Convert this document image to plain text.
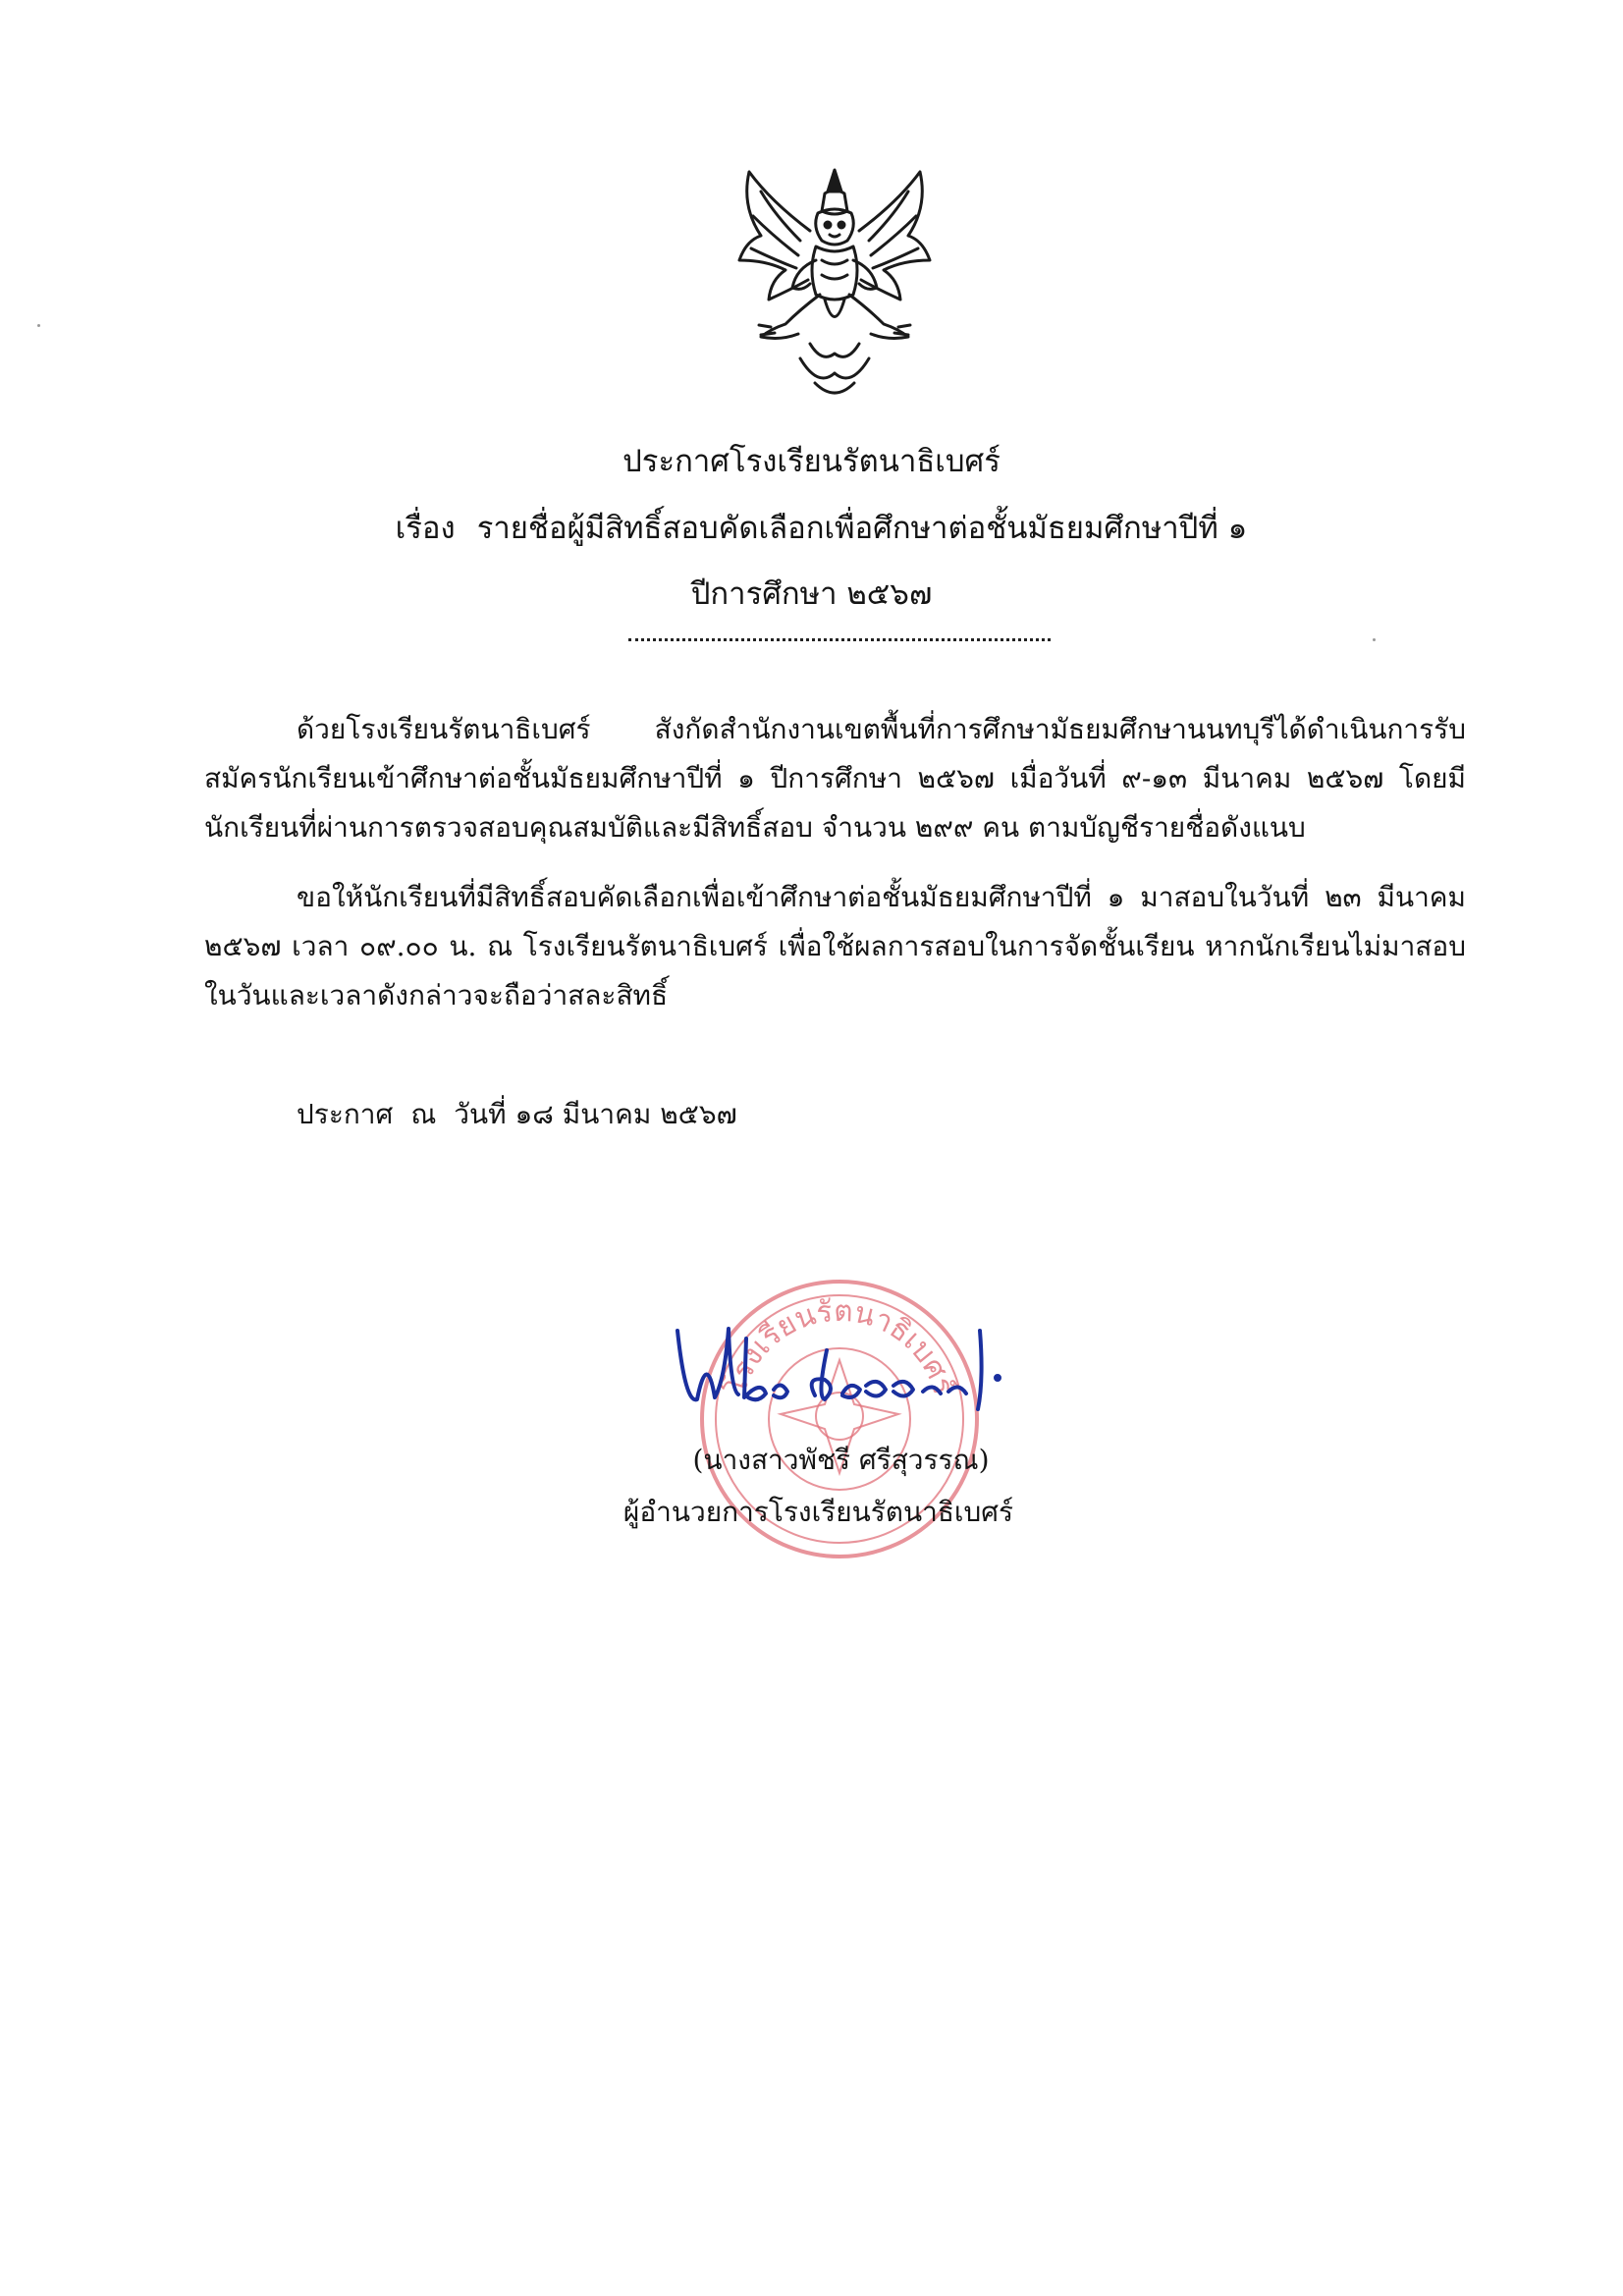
ประกาศโรงเรียนรัตนาธิเบศร์
เรื่อง รายชื่อผู้มีสิทธิ์สอบคัดเลือกเพื่อศึกษาต่อชั้นมัธยมศึกษาปีที่ ๑
ปีการศึกษา ๒๕๖๗
ด้วยโรงเรียนรัตนาธิเบศร์ สังกัดสำนักงานเขตพื้นที่การศึกษามัธยมศึกษานนทบุรีได้ดำเนินการรับสมัครนักเรียนเข้าศึกษาต่อชั้นมัธยมศึกษาปีที่ ๑ ปีการศึกษา ๒๕๖๗ เมื่อวันที่ ๙-๑๓ มีนาคม ๒๕๖๗ โดยมีนักเรียนที่ผ่านการตรวจสอบคุณสมบัติและมีสิทธิ์สอบ จำนวน ๒๙๙ คน ตามบัญชีรายชื่อดังแนบ
ขอให้นักเรียนที่มีสิทธิ์สอบคัดเลือกเพื่อเข้าศึกษาต่อชั้นมัธยมศึกษาปีที่ ๑ มาสอบในวันที่ ๒๓ มีนาคม ๒๕๖๗ เวลา ๐๙.๐๐ น. ณ โรงเรียนรัตนาธิเบศร์ เพื่อใช้ผลการสอบในการจัดชั้นเรียน หากนักเรียนไม่มาสอบในวันและเวลาดังกล่าวจะถือว่าสละสิทธิ์
ประกาศ ณ วันที่ ๑๘ มีนาคม ๒๕๖๗
โรงเรียนรัตนาธิเบศร์
(นางสาวพัชรี ศรีสุวรรณ)
ผู้อำนวยการโรงเรียนรัตนาธิเบศร์
